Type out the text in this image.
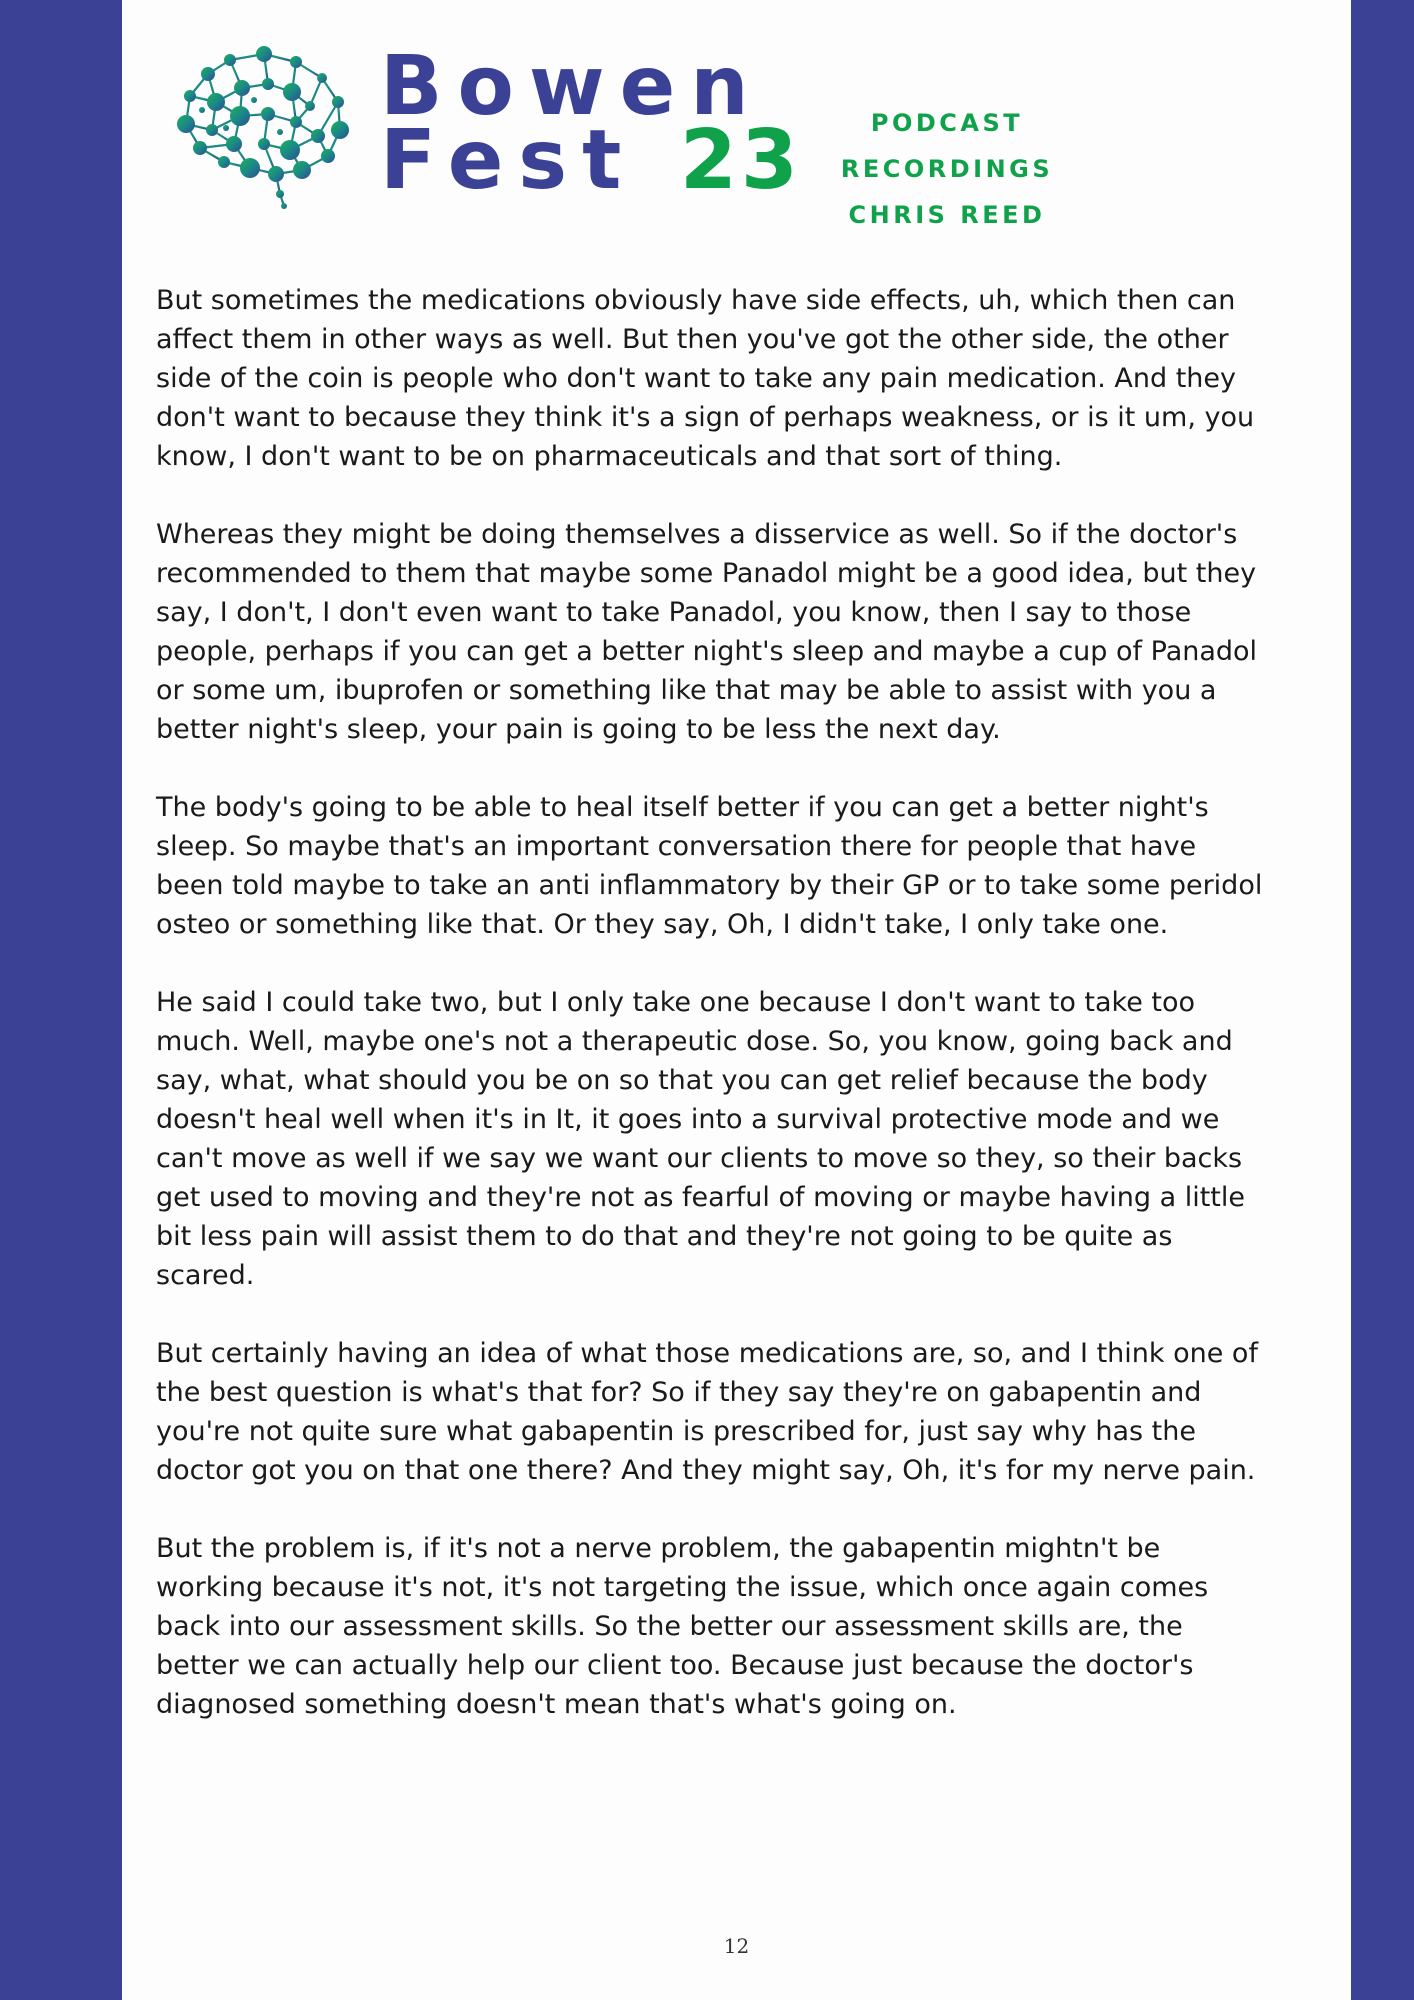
Bowen
Fest 23	PODCAST RECORDINGS
CHRIS REED

But sometimes the medications obviously have side effects, uh, which then can affect them in other ways as well. But then you've got the other side, the other side of the coin is people who don't want to take any pain medication. And they don't want to because they think it's a sign of perhaps weakness, or is it um, you know, I don't want to be on pharmaceuticals and that sort of thing.

Whereas they might be doing themselves a disservice as well. So if the doctor's recommended to them that maybe some Panadol might be a good idea, but they say, I don't, I don't even want to take Panadol, you know, then I say to those people, perhaps if you can get a better night's sleep and maybe a cup of Panadol or some um, ibuprofen or something like that may be able to assist with you a better night's sleep, your pain is going to be less the next day.

The body's going to be able to heal itself better if you can get a better night's sleep. So maybe that's an important conversation there for people that have been told maybe to take an anti inflammatory by their GP or to take some peridol osteo or something like that. Or they say, Oh, I didn't take, I only take one.

He said I could take two, but I only take one because I don't want to take too much. Well, maybe one's not a therapeutic dose. So, you know, going back and say, what, what should you be on so that you can get relief because the body doesn't heal well when it's in It, it goes into a survival protective mode and we can't move as well if we say we want our clients to move so they, so their backs get used to moving and they're not as fearful of moving or maybe having a little bit less pain will assist them to do that and they're not going to be quite as scared.

But certainly having an idea of what those medications are, so, and I think one of the best question is what's that for? So if they say they're on gabapentin and you're not quite sure what gabapentin is prescribed for, just say why has the doctor got you on that one there? And they might say, Oh, it's for my nerve pain.

But the problem is, if it's not a nerve problem, the gabapentin mightn't be working because it's not, it's not targeting the issue, which once again comes back into our assessment skills. So the better our assessment skills are, the better we can actually help our client too. Because just because the doctor's diagnosed something doesn't mean that's what's going on.

12
